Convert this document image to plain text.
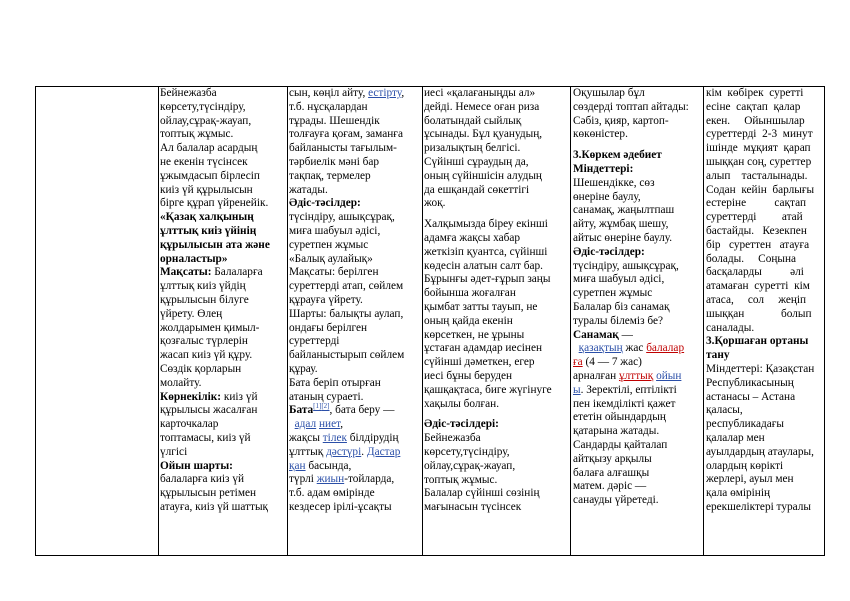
Бейнежазба

көрсету,түсіндіру,

ойлау,сұрақ-жауап,

топтық жұмыс.

Ал балалар асардың

не екенін түсінсек

ұжымдасып бірлесіп

киіз үй құрылысын

бірге құрап үйренейік.

«Қазақ халқының

ұлттық киіз үйінің

құрылысын ата және

орналастыр»

Мақсаты: Балаларға

ұлттық киіз үйдің

құрылысын білуге

үйрету. Өлең

жолдарымен қимыл-

қозғалыс түрлерін

жасап киіз үй құру.

Сөздік қорларын

молайту.

Көрнекілік: киіз үй

құрылысы жасалған

карточкалар

топтамасы, киіз үй

үлгісі

Ойын шарты:

балаларға киіз үй

құрылысын ретімен

атауға, киіз үй шаттық

сын, көңіл айту, естірту,

т.б. нұсқалардан

тұрады. Шешендік

толғауға қоғам, заманға

байланысты тағылым-

тәрбиелік мәні бар

тақпақ, термелер

жатады.

Әдіс-тәсілдер:

түсіндіру, ашықсұрақ,

миға шабуыл әдісі,

суретпен жұмыс

«Балық аулайық»

Мақсаты: берілген

суреттерді атап, сөйлем

құрауға үйрету.

Шарты: балықты аулап,

ондағы берілген

суреттерді

байланыстырып сөйлем

құрау.

Бата беріп отырған

атаның сураеті.

Бата[1][2], бата беру —

адал ниет,

жақсы тілек білдірудің

ұлттық дәстүрі. Дастар

қан басында,

түрлі жиын-тойларда,

т.б. адам өмірінде

кездесер ірілі-ұсақты

иесі «қалағаныңды ал»

дейді. Немесе оған риза

болатындай сыйлық

ұсынады. Бұл қуанудың,

ризалықтың белгісі.

Сүйінші сұраудың да,

оның сүйіншісін алудың

да ешқандай сөкеттігі

жоқ.

Халқымызда біреу екінші

адамға жақсы хабар

жеткізіп қуантса, сүйінші

көдесін алатын салт бар.

Бұрынғы әдет-ғұрып заңы

бойынша жоғалған

қымбат затты тауып, не

оның қайда екенін

көрсеткен, не ұрыны

ұстаған адамдар иесінен

сүйінші дәметкен, егер

иесі бұны беруден

қашқақтаса, биге жүгінуге

хақылы болған.

Әдіс-тәсілдері:

Бейнежазба

көрсету,түсіндіру,

ойлау,сұрақ-жауап,

топтық жұмыс.

Балалар сүйінші сөзінің

мағынасын түсінсек

Оқушылар бұл

сөздерді топтап айтады:

Сәбіз, қияр, картоп-

көкөністер.

3.Көркем әдебиет

Міндеттері:

Шешендікке, сөз

өнеріне баулу,

санамақ, жаңылтпаш

айту, жұмбақ шешу,

айтыс өнеріне баулу.

Әдіс-тәсілдер:

түсіндіру, ашықсұрақ,

миға шабуыл әдісі,

суретпен жұмыс

Балалар біз санамақ

туралы білеміз бе?

Санамақ —

қазақтың жас балалар

ға (4 — 7 жас)

арналған ұлттық ойын

ы. Зеректілі, ептілікті

пен ікемділікті қажет

ететін ойындардың

қатарына жатады.

Сандарды қайталап

айтқызу арқылы

балаға алғашқы

матем. дәріс —

санауды үйретеді.

кім  көбірек  суретті

есіне  сақтап  қалар

екен.     Ойыншылар

суреттерді  2-3  минут

ішінде  мұқият  қарап

шыққан соң, суреттер

алып    тасталынады.

Содан  кейін  барлығы

естеріне          сақтап

суреттерді         атай

бастайды.   Кезекпен

бір   суреттен   атауға

болады.     Соңына

басқаларды          әлі

атамаған  суретті  кім

атаса,     сол     жеңіп

шыққан             болып

саналады.

3.Қоршаған ортаны

тану

Міндеттері: Қазақстан

Республикасының

астанасы – Астана

қаласы,

республикадағы

қалалар мен

ауылдардың атаулары,

олардың көрікті

жерлері, ауыл мен

қала өмірінің

ерекшеліктері туралы
